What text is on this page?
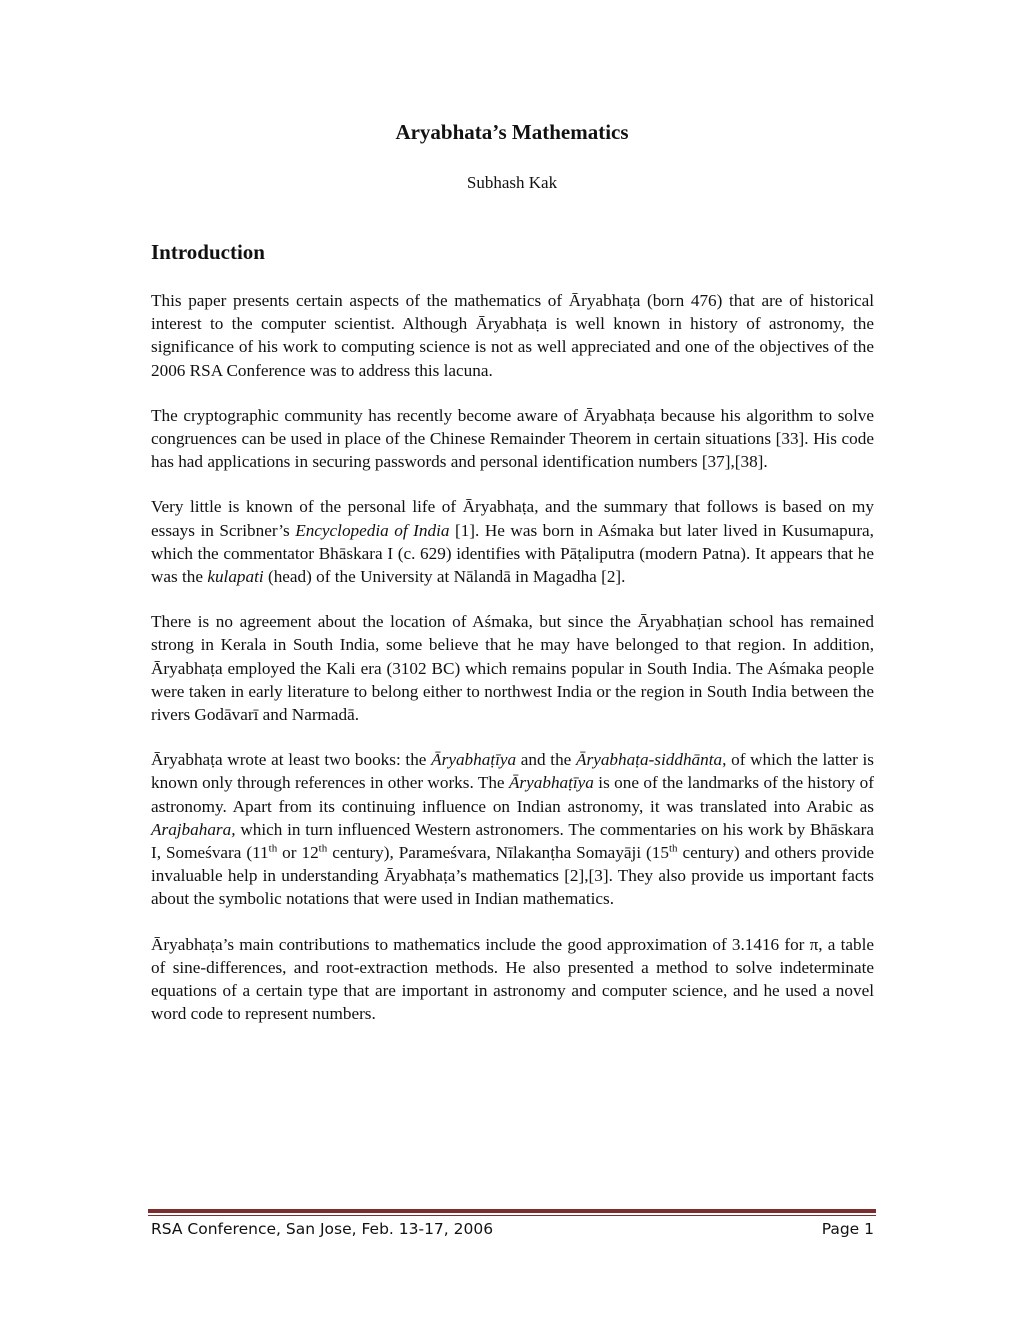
Aryabhata’s Mathematics

Subhash Kak

Introduction

This paper presents certain aspects of the mathematics of Āryabhaṭa (born 476) that are of historical interest to the computer scientist. Although Āryabhaṭa is well known in history of astronomy, the significance of his work to computing science is not as well appreciated and one of the objectives of the 2006 RSA Conference was to address this lacuna.

The cryptographic community has recently become aware of Āryabhaṭa because his algorithm to solve congruences can be used in place of the Chinese Remainder Theorem in certain situations [33]. His code has had applications in securing passwords and personal identification numbers [37],[38].

Very little is known of the personal life of Āryabhaṭa, and the summary that follows is based on my essays in Scribner’s Encyclopedia of India [1]. He was born in Aśmaka but later lived in Kusumapura, which the commentator Bhāskara I (c. 629) identifies with Pāṭaliputra (modern Patna). It appears that he was the kulapati (head) of the University at Nālandā in Magadha [2].

There is no agreement about the location of Aśmaka, but since the Āryabhaṭian school has remained strong in Kerala in South India, some believe that he may have belonged to that region. In addition, Āryabhaṭa employed the Kali era (3102 BC) which remains popular in South India. The Aśmaka people were taken in early literature to belong either to northwest India or the region in South India between the rivers Godāvarī and Narmadā.

Āryabhaṭa wrote at least two books: the Āryabhaṭīya and the Āryabhaṭa-siddhānta, of which the latter is known only through references in other works. The Āryabhaṭīya is one of the landmarks of the history of astronomy. Apart from its continuing influence on Indian astronomy, it was translated into Arabic as Arajbahara, which in turn influenced Western astronomers. The commentaries on his work by Bhāskara I, Someśvara (11th or 12th century), Parameśvara, Nīlakanṭha Somayāji (15th century) and others provide invaluable help in understanding Āryabhaṭa’s mathematics [2],[3]. They also provide us important facts about the symbolic notations that were used in Indian mathematics.

Āryabhaṭa’s main contributions to mathematics include the good approximation of 3.1416 for π, a table of sine-differences, and root-extraction methods. He also presented a method to solve indeterminate equations of a certain type that are important in astronomy and computer science, and he used a novel word code to represent numbers.

RSA Conference, San Jose, Feb. 13-17, 2006	Page 1
